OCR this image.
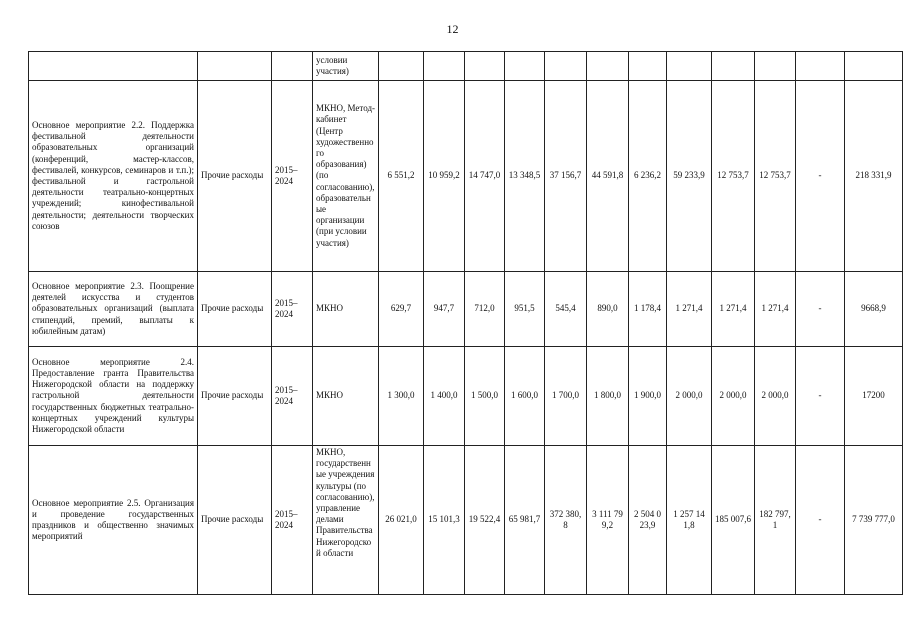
12
			условии участия)												
Основное мероприятие 2.2. Поддержка фестивальной деятельности образовательных организаций (конференций, мастер-классов, фестивалей, конкурсов, семинаров и т.п.); фестивальной и гастрольной деятельности театрально-концертных учреждений; кинофестивальной деятельности; деятельности творческих союзов	Прочие расходы	2015–2024	МКНО, Метод-кабинет (Центр художественного образования) (по согласованию), образовательные организации (при условии участия)	6 551,2	10 959,2	14 747,0	13 348,5	37 156,7	44 591,8	6 236,2	59 233,9	12 753,7	12 753,7	-	218 331,9
Основное мероприятие 2.3. Поощрение деятелей искусства и студентов образовательных организаций (выплата стипендий, премий, выплаты к юбилейным датам)	Прочие расходы	2015–2024	МКНО	629,7	947,7	712,0	951,5	545,4	890,0	1 178,4	1 271,4	1 271,4	1 271,4	-	9668,9
Основное мероприятие 2.4. Предоставление гранта Правительства Нижегородской области на поддержку гастрольной деятельности государственных бюджетных театрально-концертных учреждений культуры Нижегородской области	Прочие расходы	2015–2024	МКНО	1 300,0	1 400,0	1 500,0	1 600,0	1 700,0	1 800,0	1 900,0	2 000,0	2 000,0	2 000,0	-	17200
Основное мероприятие 2.5. Организация и проведение государственных праздников и общественно значимых мероприятий	Прочие расходы	2015–2024	МКНО, государственные учреждения культуры (по согласованию), управление делами Правительства Нижегородской области	26 021,0	15 101,3	19 522,4	65 981,7	372 380,8	3 111 799,2	2 504 023,9	1 257 141,8	185 007,6	182 797,1	-	7 739 777,0
